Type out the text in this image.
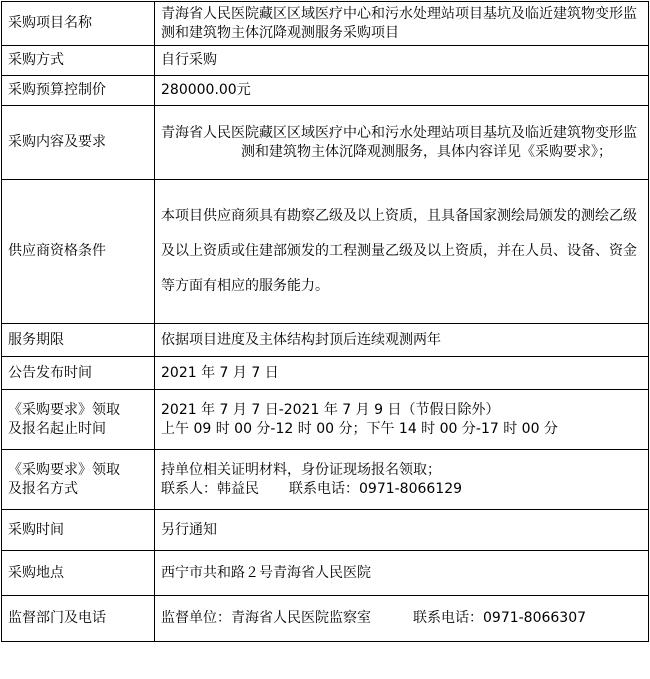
采购项目名称	青海省人民医院藏区区域医疗中心和污水处理站项目基坑及临近建筑物变形监测和建筑物主体沉降观测服务采购项目
采购方式	自行采购
采购预算控制价	280000.00元
采购内容及要求	青海省人民医院藏区区域医疗中心和污水处理站项目基坑及临近建筑物变形监测和建筑物主体沉降观测服务，具体内容详见《采购要求》；

供应商资格条件	本项目供应商须具有勘察乙级及以上资质，且具备国家测绘局颁发的测绘乙级及以上资质或住建部颁发的工程测量乙级及以上资质，并在人员、设备、资金等方面有相应的服务能力。

服务期限	依据项目进度及主体结构封顶后连续观测两年
公告发布时间	2021 年 7 月 7 日

《采购要求》领取
及报名起止时间	2021 年 7 月 7 日-2021 年 7 月 9 日（节假日除外）
上午 09 时 00 分-12 时 00 分；下午 14 时 00 分-17 时 00 分

《采购要求》领取
及报名方式	持单位相关证明材料，身份证现场报名领取；
联系人：韩益民 联系电话：0971-8066129

采购时间	另行通知
采购地点	西宁市共和路２号青海省人民医院
监督部门及电话	监督单位：青海省人民医院监察室 联系电话：0971-8066307
